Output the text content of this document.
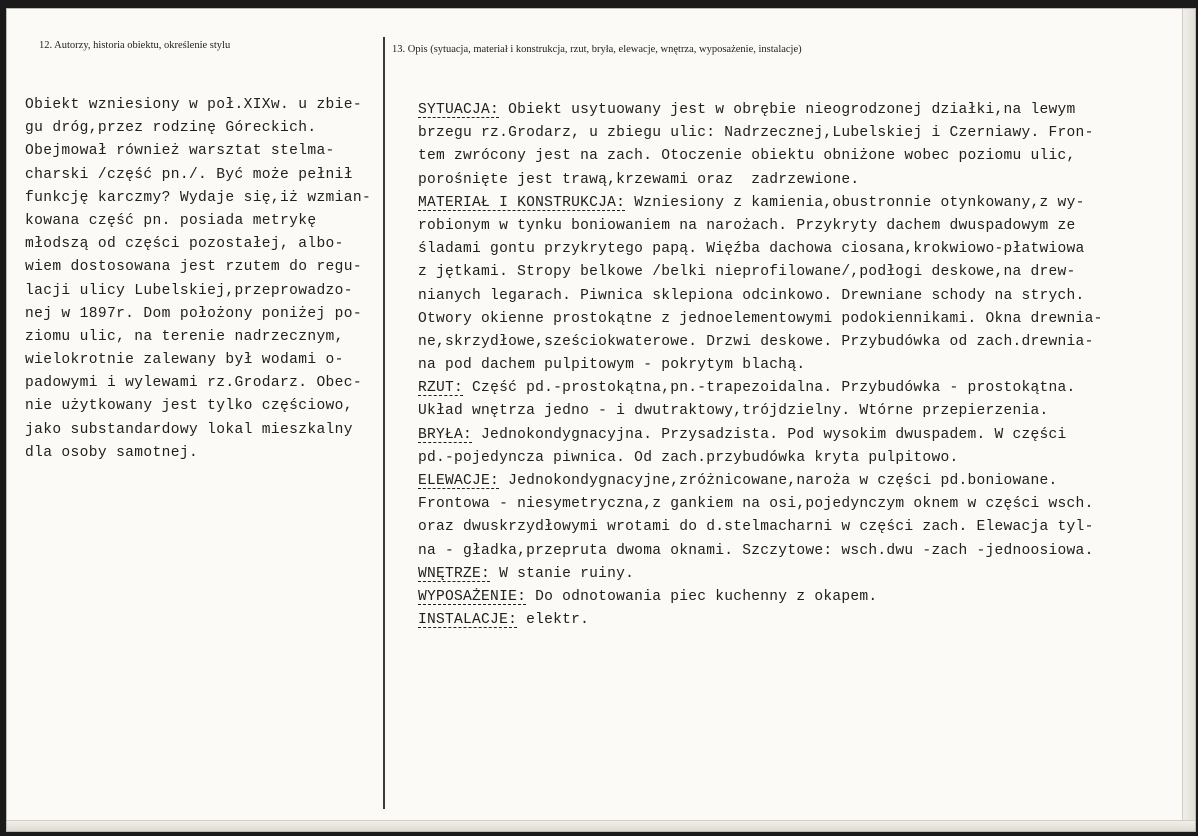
12. Autorzy, historia obiektu, określenie stylu	13. Opis (sytuacja, materiał i konstrukcja, rzut, bryła, elewacje, wnętrza, wyposażenie, instalacje)
Obiekt wzniesiony w poł.XIXw. u zbie-
gu dróg,przez rodzinę Góreckich.
Obejmował również warsztat stelma-
charski /część pn./. Być może pełnił
funkcję karczmy? Wydaje się,iż wzmian-
kowana część pn. posiada metrykę
młodszą od części pozostałej, albo-
wiem dostosowana jest rzutem do regu-
lacji ulicy Lubelskiej,przeprowadzo-
nej w 1897r. Dom położony poniżej po-
ziomu ulic, na terenie nadrzecznym,
wielokrotnie zalewany był wodami o-
padowymi i wylewami rz.Grodarz. Obec-
nie użytkowany jest tylko częściowo,
jako substandardowy lokal mieszkalny
dla osoby samotnej.
SYTUACJA: Obiekt usytuowany jest w obrębie nieogrodzonej działki,na lewym
brzegu rz.Grodarz, u zbiegu ulic: Nadrzecznej,Lubelskiej i Czerniawy. Fron-
tem zwrócony jest na zach. Otoczenie obiektu obniżone wobec poziomu ulic,
porośnięte jest trawą,krzewami oraz  zadrzewione.
MATERIAŁ I KONSTRUKCJA: Wzniesiony z kamienia,obustronnie otynkowany,z wy-
robionym w tynku boniowaniem na narożach. Przykryty dachem dwuspadowym ze
śladami gontu przykrytego papą. Więźba dachowa ciosana,krokwiowo-płatwiowa
z jętkami. Stropy belkowe /belki nieprofilowane/,podłogi deskowe,na drew-
nianych legarach. Piwnica sklepiona odcinkowo. Drewniane schody na strych.
Otwory okienne prostokątne z jednoelementowymi podokiennikami. Okna drewnia-
ne,skrzydłowe,sześciokwaterowe. Drzwi deskowe. Przybudówka od zach.drewnia-
na pod dachem pulpitowym - pokrytym blachą.
RZUT: Część pd.-prostokątna,pn.-trapezoidalna. Przybudówka - prostokątna.
Układ wnętrza jedno - i dwutraktowy,trójdzielny. Wtórne przepierzenia.
BRYŁA: Jednokondygnacyjna. Przysadzista. Pod wysokim dwuspadem. W części
pd.-pojedyncza piwnica. Od zach.przybudówka kryta pulpitowo.
ELEWACJE: Jednokondygnacyjne,zróżnicowane,naroża w części pd.boniowane.
Frontowa - niesymetryczna,z gankiem na osi,pojedynczym oknem w części wsch.
oraz dwuskrzydłowymi wrotami do d.stelmacharni w części zach. Elewacja tyl-
na - gładka,przepruta dwoma oknami. Szczytowe: wsch.dwu -zach -jednoosiowa.
WNĘTRZE: W stanie ruiny.
WYPOSAŻENIE: Do odnotowania piec kuchenny z okapem.
INSTALACJE: elektr.
